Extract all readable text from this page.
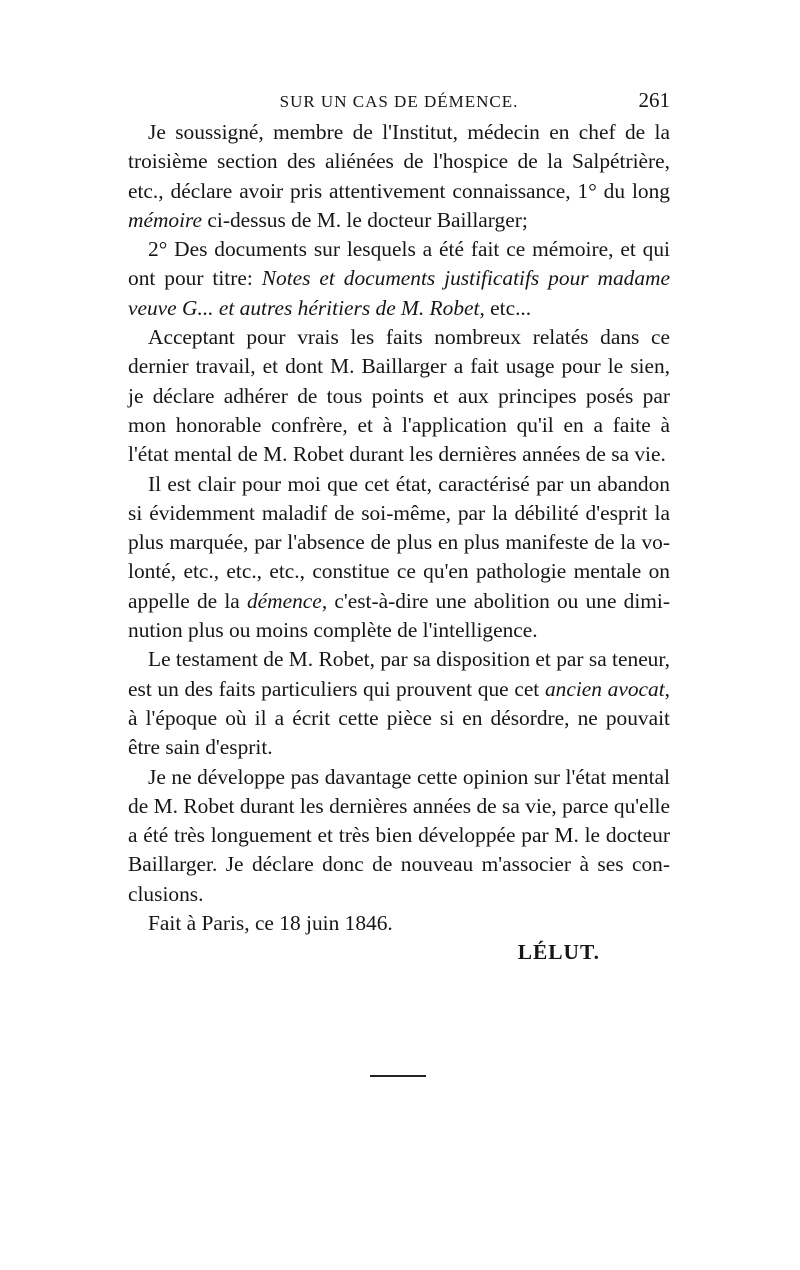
SUR UN CAS DE DÉMENCE.	261

Je soussigné, membre de l'Institut, médecin en chef de la troisième section des aliénées de l'hospice de la Salpétrière, etc., déclare avoir pris attentivement connaissance, 1° du long mémoire ci-dessus de M. le docteur Baillarger;

2° Des documents sur lesquels a été fait ce mémoire, et qui ont pour titre: Notes et documents justificatifs pour madame veuve G... et autres héritiers de M. Robet, etc...

Acceptant pour vrais les faits nombreux relatés dans ce dernier travail, et dont M. Baillarger a fait usage pour le sien, je déclare adhérer de tous points et aux principes posés par mon honorable confrère, et à l'application qu'il en a faite à l'état mental de M. Robet durant les dernières années de sa vie.

Il est clair pour moi que cet état, caractérisé par un abandon si évidemment maladif de soi-même, par la débilité d'esprit la plus marquée, par l'absence de plus en plus manifeste de la volonté, etc., etc., etc., constitue ce qu'en pathologie mentale on appelle de la démence, c'est-à-dire une abolition ou une diminution plus ou moins complète de l'intelligence.

Le testament de M. Robet, par sa disposition et par sa teneur, est un des faits particuliers qui prouvent que cet ancien avocat, à l'époque où il a écrit cette pièce si en désordre, ne pouvait être sain d'esprit.

Je ne développe pas davantage cette opinion sur l'état mental de M. Robet durant les dernières années de sa vie, parce qu'elle a été très longuement et très bien développée par M. le docteur Baillarger. Je déclare donc de nouveau m'associer à ses conclusions.

Fait à Paris, ce 18 juin 1846.

LÉLUT.
